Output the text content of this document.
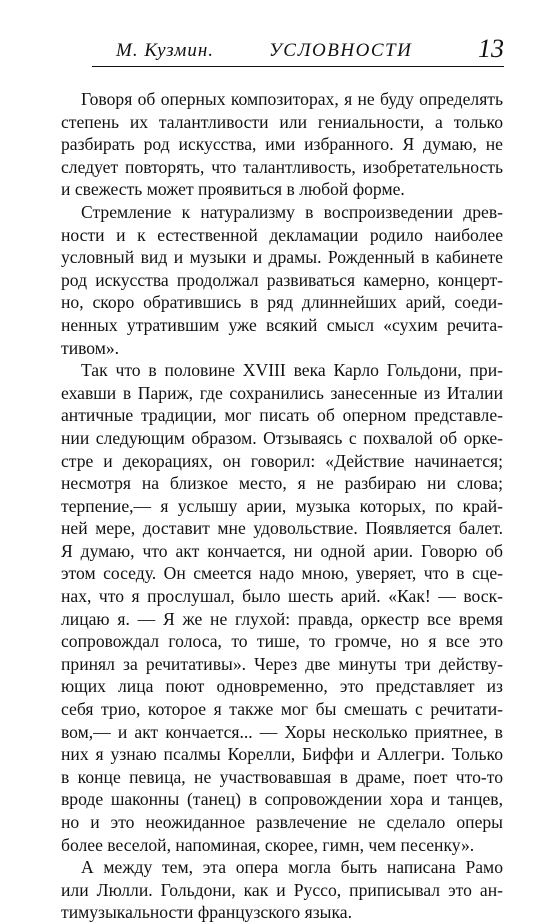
М. Кузмин.	УСЛОВНОСТИ	13

Говоря об оперных композиторах, я не буду определять
степень их талантливости или гениальности, а только
разбирать род искусства, ими избранного. Я думаю, не
следует повторять, что талантливость, изобретательность
и свежесть может проявиться в любой форме.

Стремление к натурализму в воспроизведении древ-
ности и к естественной декламации родило наиболее
условный вид и музыки и драмы. Рожденный в кабинете
род искусства продолжал развиваться камерно, концерт-
но, скоро обратившись в ряд длиннейших арий, соеди-
ненных утратившим уже всякий смысл «сухим речита-
тивом».

Так что в половине XVIII века Карло Гольдони, при-
ехавши в Париж, где сохранились занесенные из Италии
античные традиции, мог писать об оперном представле-
нии следующим образом. Отзываясь с похвалой об орке-
стре и декорациях, он говорил: «Действие начинается;
несмотря на близкое место, я не разбираю ни слова;
терпение,— я услышу арии, музыка которых, по край-
ней мере, доставит мне удовольствие. Появляется балет.
Я думаю, что акт кончается, ни одной арии. Говорю об
этом соседу. Он смеется надо мною, уверяет, что в сце-
нах, что я прослушал, было шесть арий. «Как! — воск-
лицаю я. — Я же не глухой: правда, оркестр все время
сопровождал голоса, то тише, то громче, но я все это
принял за речитативы». Через две минуты три действу-
ющих лица поют одновременно, это представляет из
себя трио, которое я также мог бы смешать с речитати-
вом,— и акт кончается... — Хоры несколько приятнее, в
них я узнаю псалмы Корелли, Биффи и Аллегри. Только
в конце певица, не участвовавшая в драме, поет что-то
вроде шаконны (танец) в сопровождении хора и танцев,
но и это неожиданное развлечение не сделало оперы
более веселой, напоминая, скорее, гимн, чем песенку».

А между тем, эта опера могла быть написана Рамо
или Люлли. Гольдони, как и Руссо, приписывал это ан-
тимузыкальности французского языка.
